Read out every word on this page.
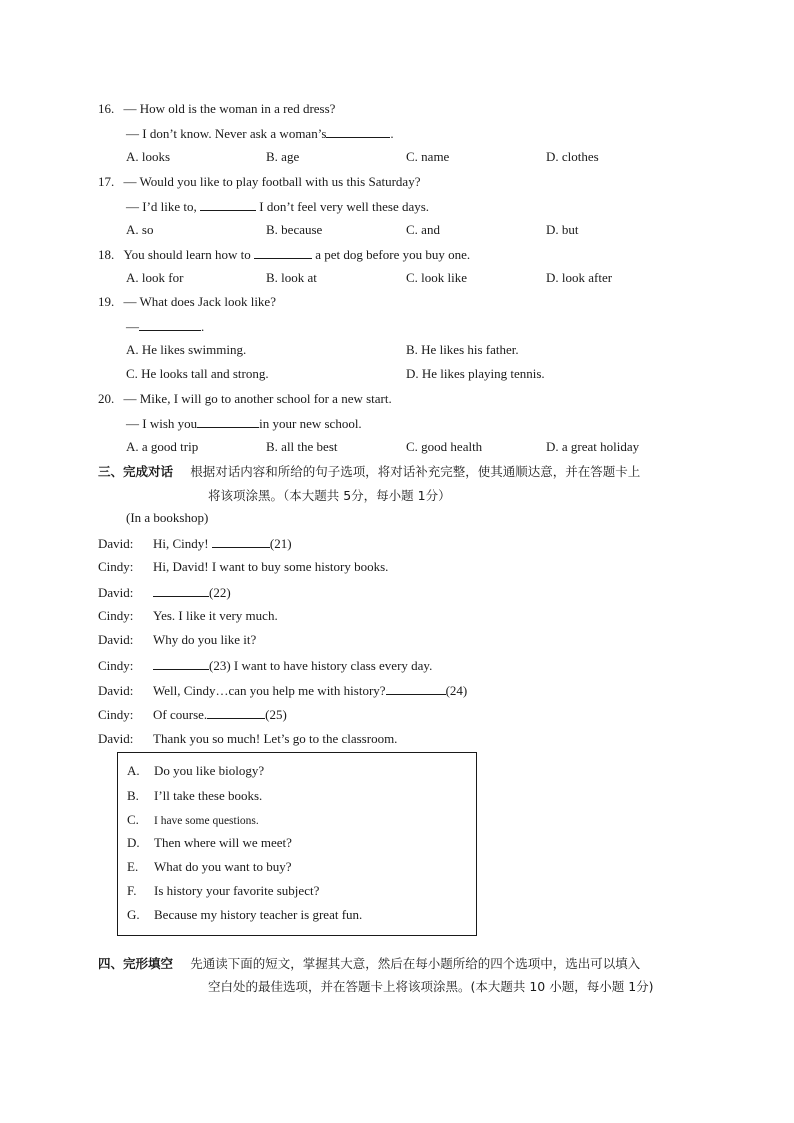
16. — How old is the woman in a red dress?
— I don’t know. Never ask a woman’s	.
A. looks	B. age	C. name	D. clothes
17. — Would you like to play football with us this Saturday?
— I’d like to,	I don’t feel very well these days.
A. so	B. because	C. and	D. but
18. You should learn how to	a pet dog before you buy one.
A. look for	B. look at	C. look like	D. look after
19. — What does Jack look like?
—	.
A. He likes swimming.	B. He likes his father.
C. He looks tall and strong.	D. He likes playing tennis.
20. — Mike, I will go to another school for a new start.
— I wish you	in your new school.
A. a good trip	B. all the best	C. good health	D. a great holiday
三、完成对话 根据对话内容和所给的句子选项，将对话补充完整，使其通顺达意，并在答题卡上
将该项涂黑。（本大题共 5分，每小题 1分）
(In a bookshop)
David: Hi, Cindy!	(21)
Cindy: Hi, David! I want to buy some history books.
David:	(22)
Cindy: Yes. I like it very much.
David: Why do you like it?
Cindy:	(23) I want to have history class every day.
David: Well, Cindy…can you help me with history?	(24)
Cindy: Of course.	(25)
David: Thank you so much! Let’s go to the classroom.
A. Do you like biology?
B. I’ll take these books.
C. I have some questions.
D. Then where will we meet?
E. What do you want to buy?
F. Is history your favorite subject?
G. Because my history teacher is great fun.
四、完形填空 先通读下面的短文，掌握其大意，然后在每小题所给的四个选项中，选出可以填入
空白处的最佳选项，并在答题卡上将该项涂黑。(本大题共 10 小题，每小题 1分)
